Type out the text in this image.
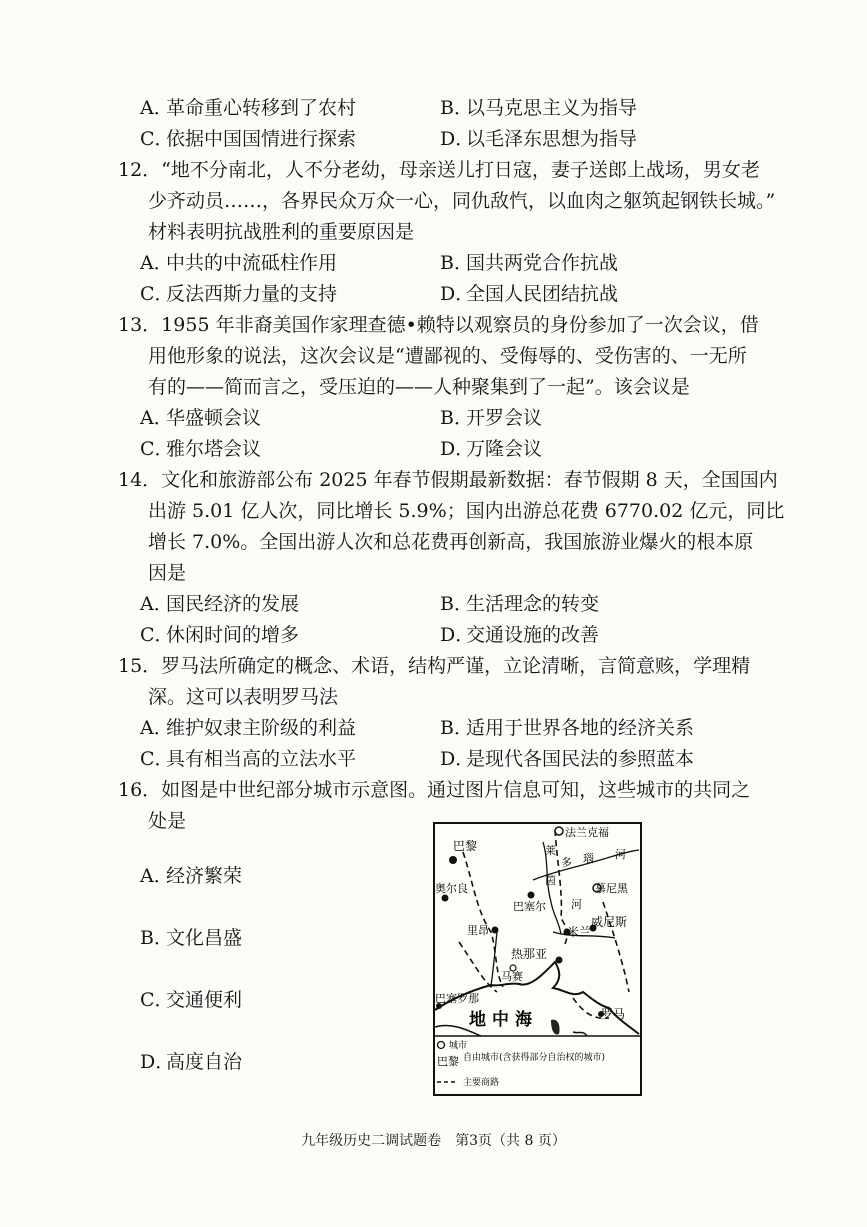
A．革命重心转移到了农村	B．以马克思主义为指导
C．依据中国国情进行探索	D．以毛泽东思想为指导
12．“地不分南北，人不分老幼，母亲送儿打日寇，妻子送郎上战场，男女老
少齐动员……，各界民众万众一心，同仇敌忾，以血肉之躯筑起钢铁长城。”
材料表明抗战胜利的重要原因是
A．中共的中流砥柱作用	B．国共两党合作抗战
C．反法西斯力量的支持	D．全国人民团结抗战
13．1955 年非裔美国作家理查德•赖特以观察员的身份参加了一次会议，借
用他形象的说法，这次会议是“遭鄙视的、受侮辱的、受伤害的、一无所
有的——简而言之，受压迫的——人种聚集到了一起”。该会议是
A．华盛顿会议	B．开罗会议
C．雅尔塔会议	D．万隆会议
14．文化和旅游部公布 2025 年春节假期最新数据：春节假期 8 天，全国国内
出游 5.01 亿人次，同比增长 5.9%；国内出游总花费 6770.02 亿元，同比
增长 7.0%。全国出游人次和总花费再创新高，我国旅游业爆火的根本原
因是
A．国民经济的发展	B．生活理念的转变
C．休闲时间的增多	D．交通设施的改善
15．罗马法所确定的概念、术语，结构严谨，立论清晰，言简意赅，学理精
深。这可以表明罗马法
A．维护奴隶主阶级的利益	B．适用于世界各地的经济关系
C．具有相当高的立法水平	D．是现代各国民法的参照蓝本
16．如图是中世纪部分城市示意图。通过图片信息可知，这些城市的共同之
处是
A．经济繁荣
B．文化昌盛
C．交通便利
D．高度自治
法兰克福
巴黎
奥尔良
巴塞尔
慕尼黑
威尼斯
里昂	米兰
热那亚
马赛
巴塞罗那
罗马
莱
茵
多 瑙 河
河
地中海
城市
巴黎 自由城市(含获得部分自治权的城市)
主要商路
九年级历史二调试题卷　第3页（共 8 页）
